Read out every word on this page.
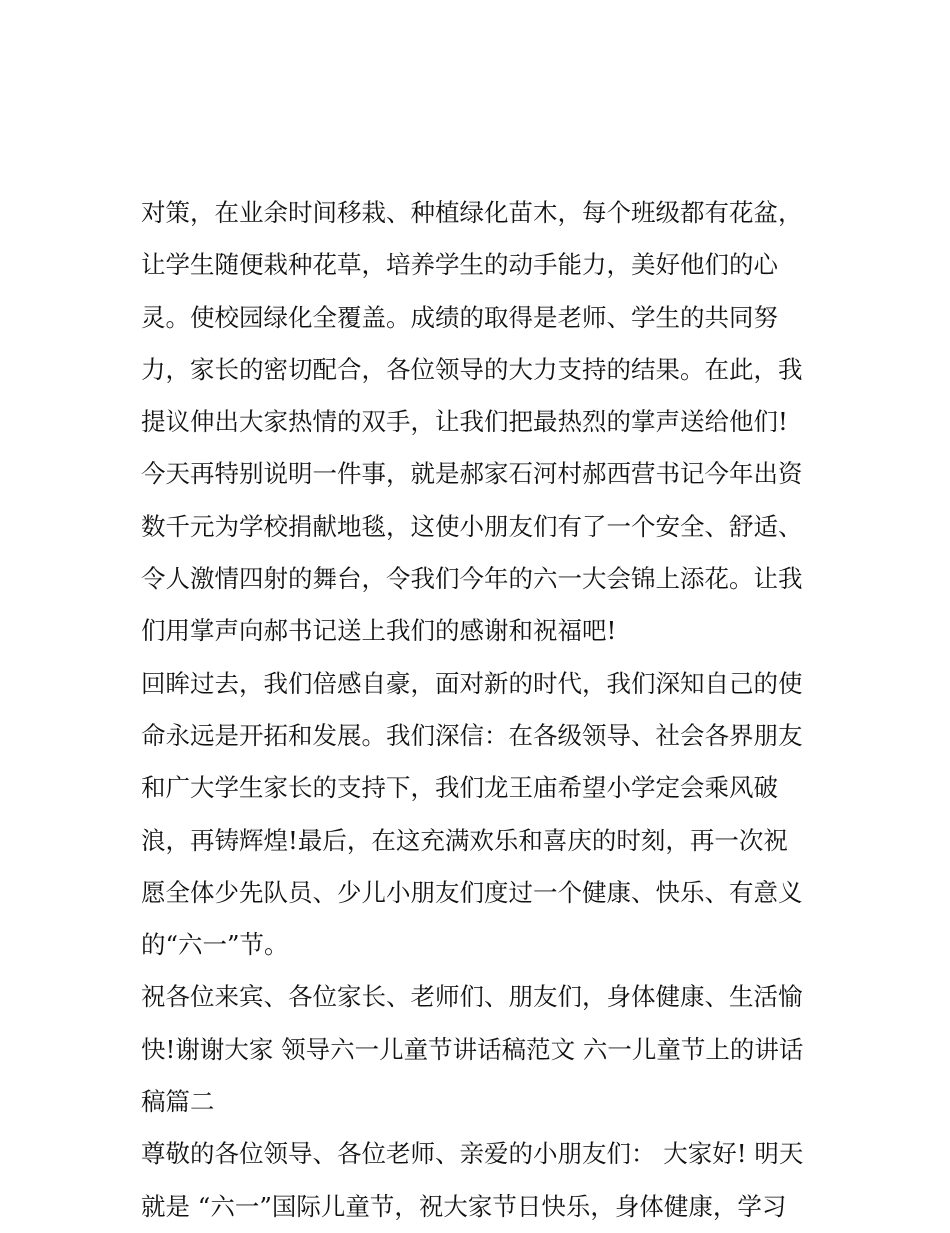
对策，在业余时间移栽、种植绿化苗木，每个班级都有花盆，
让学生随便栽种花草，培养学生的动手能力，美好他们的心
灵。使校园绿化全覆盖。成绩的取得是老师、学生的共同努
力，家长的密切配合，各位领导的大力支持的结果。在此，我
提议伸出大家热情的双手，让我们把最热烈的掌声送给他们!
今天再特别说明一件事，就是郝家石河村郝西营书记今年出资
数千元为学校捐献地毯，这使小朋友们有了一个安全、舒适、
令人激情四射的舞台，令我们今年的六一大会锦上添花。让我
们用掌声向郝书记送上我们的感谢和祝福吧!
回眸过去，我们倍感自豪，面对新的时代，我们深知自己的使
命永远是开拓和发展。我们深信：在各级领导、社会各界朋友
和广大学生家长的支持下，我们龙王庙希望小学定会乘风破
浪，再铸辉煌!最后，在这充满欢乐和喜庆的时刻，再一次祝
愿全体少先队员、少儿小朋友们度过一个健康、快乐、有意义
的“六一”节。
祝各位来宾、各位家长、老师们、朋友们，身体健康、生活愉
快!谢谢大家 领导六一儿童节讲话稿范文 六一儿童节上的讲话
稿篇二
尊敬的各位领导、各位老师、亲爱的小朋友们： 大家好! 明天
就是 “六一”国际儿童节，祝大家节日快乐，身体健康，学习
